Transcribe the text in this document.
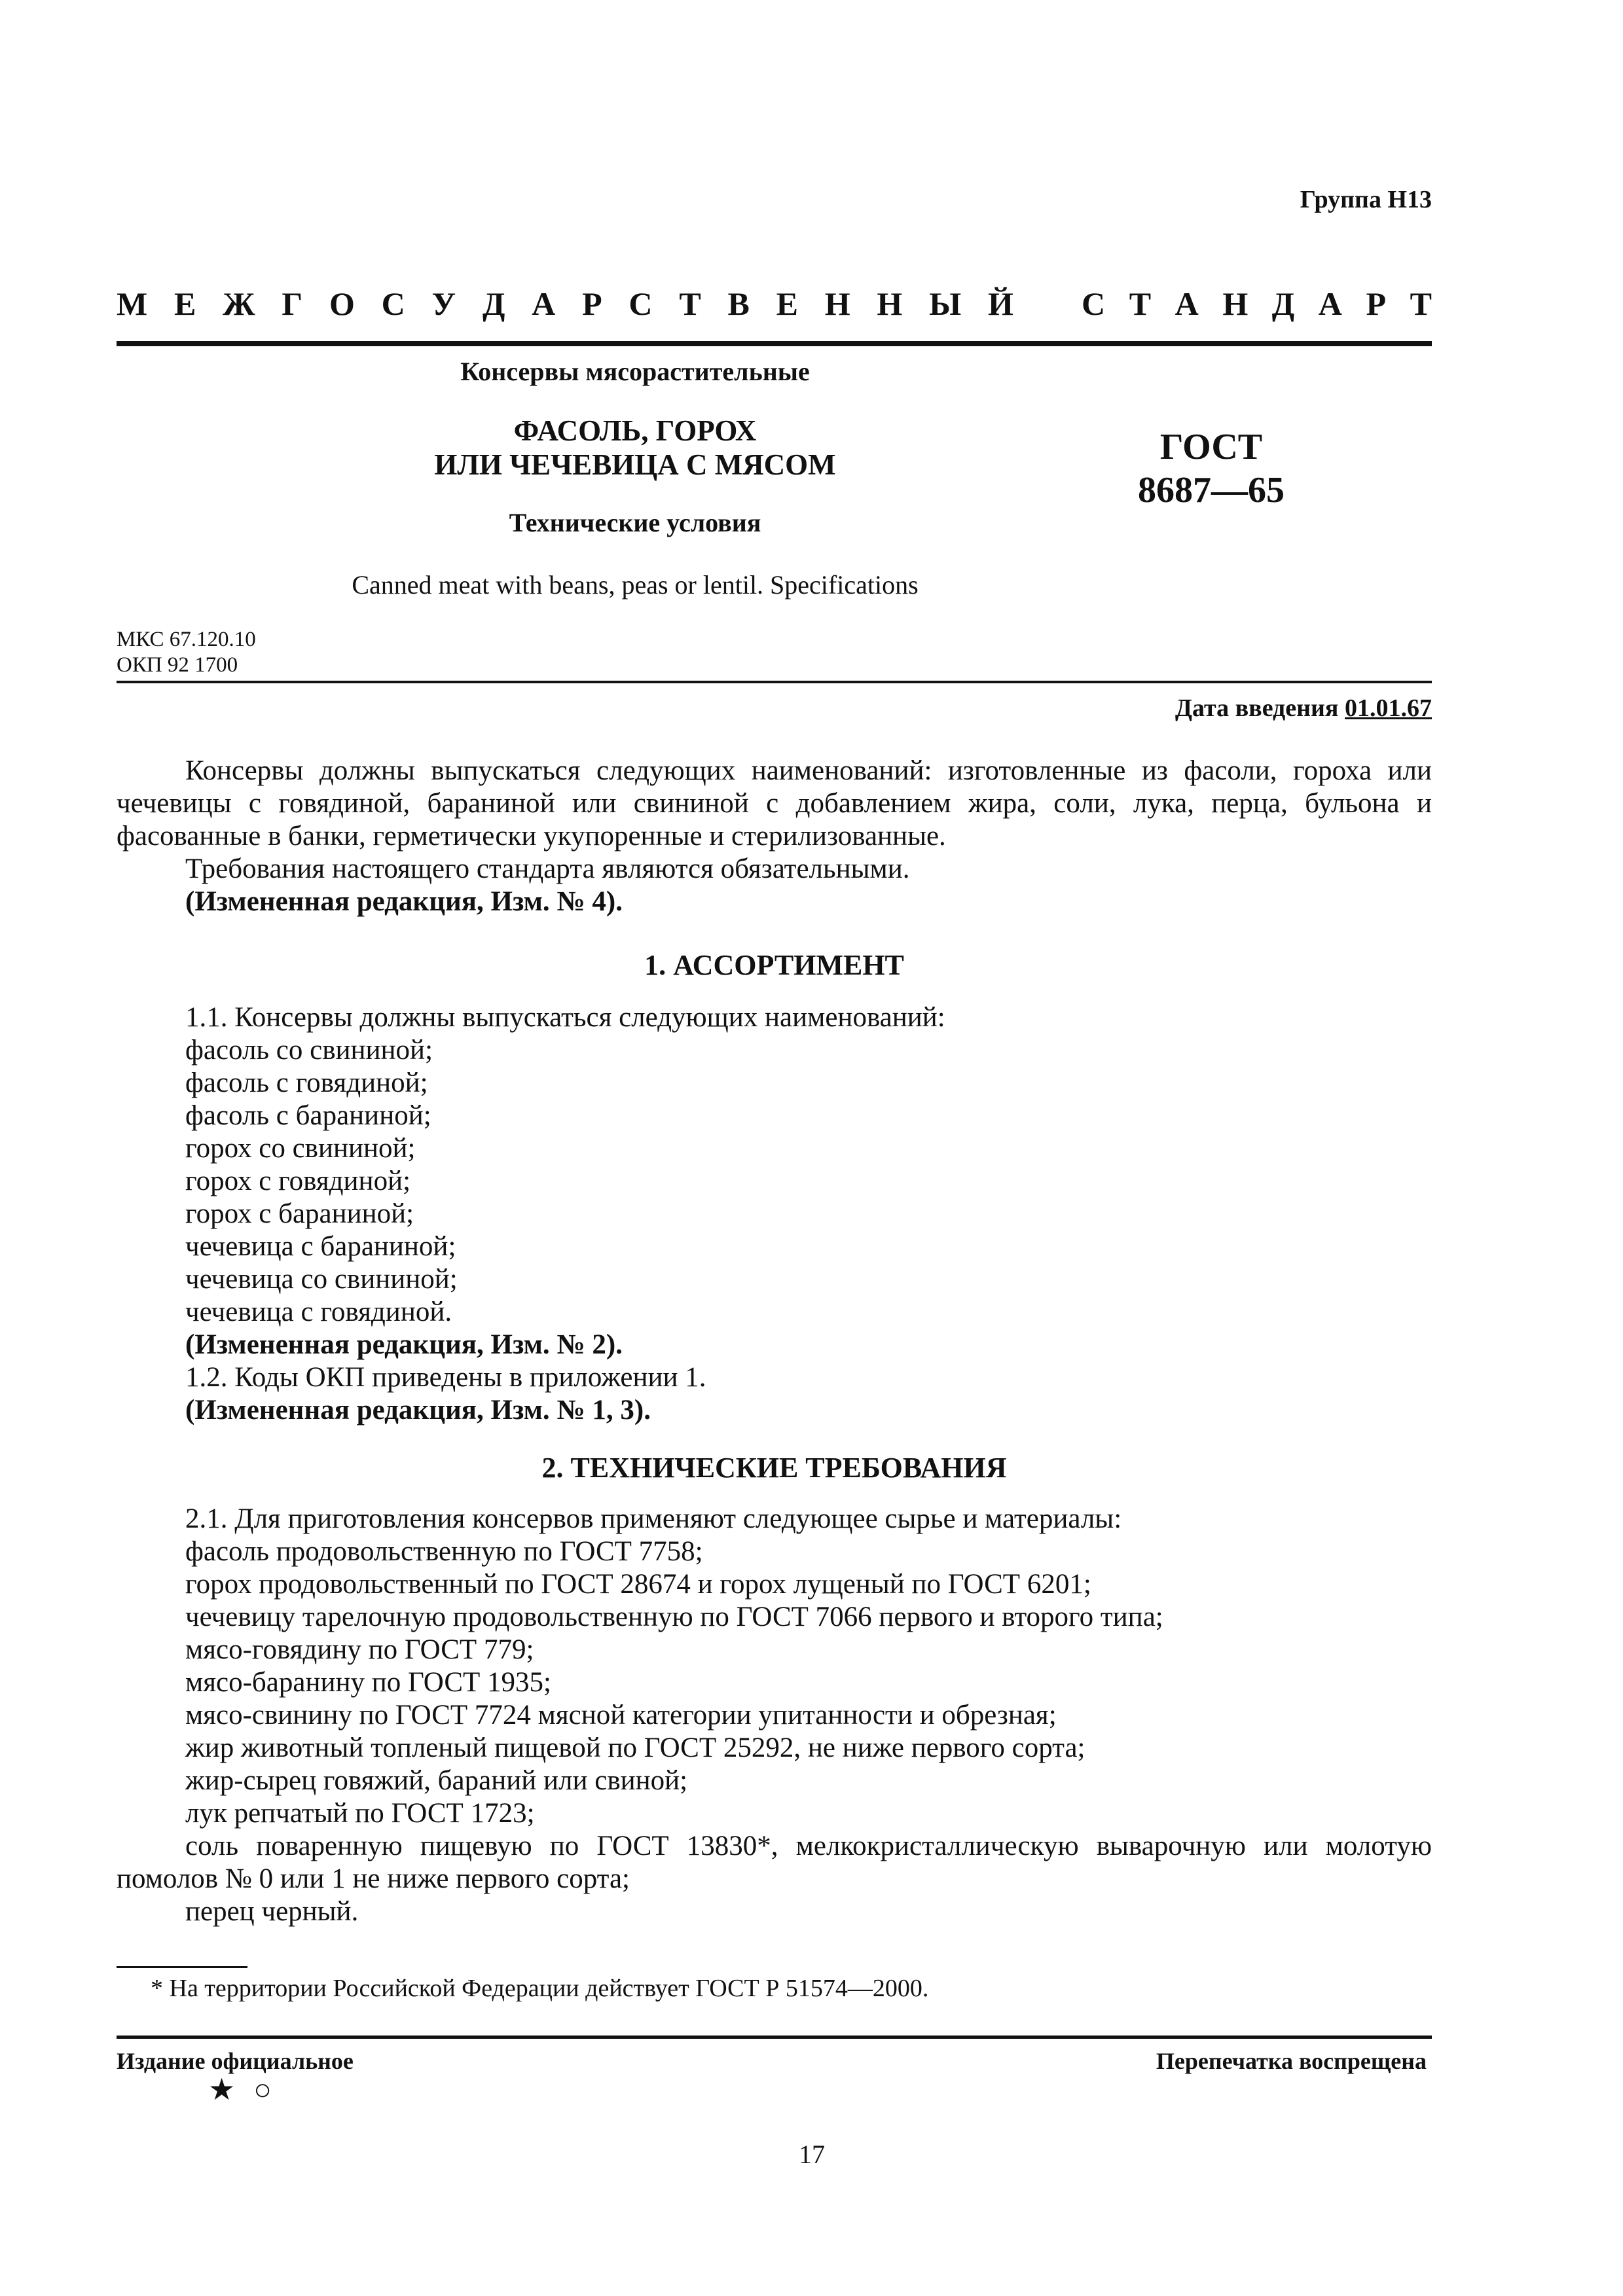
Группа Н13
М Е Ж Г О С У Д А Р С Т В Е Н Н Ы Й С Т А Н Д А Р Т
Консервы мясорастительные
ФАСОЛЬ, ГОРОХ
ИЛИ ЧЕЧЕВИЦА С МЯСОМ
Технические условия
Canned meat with beans, peas or lentil. Specifications
ГОСТ
8687—65
МКС 67.120.10
ОКП 92 1700
Дата введения 01.01.67

Консервы должны выпускаться следующих наименований: изготовленные из фасоли, гороха или чечевицы с говядиной, бараниной или свининой с добавлением жира, соли, лука, перца, бульона и фасованные в банки, герметически укупоренные и стерилизованные.

Требования настоящего стандарта являются обязательными.

(Измененная редакция, Изм. № 4).

1. АССОРТИМЕНТ

1.1. Консервы должны выпускаться следующих наименований:

фасоль со свининой;

фасоль с говядиной;

фасоль с бараниной;

горох со свининой;

горох с говядиной;

горох с бараниной;

чечевица с бараниной;

чечевица со свининой;

чечевица с говядиной.

(Измененная редакция, Изм. № 2).

1.2. Коды ОКП приведены в приложении 1.

(Измененная редакция, Изм. № 1, 3).

2. ТЕХНИЧЕСКИЕ ТРЕБОВАНИЯ

2.1. Для приготовления консервов применяют следующее сырье и материалы:

фасоль продовольственную по ГОСТ 7758;

горох продовольственный по ГОСТ 28674 и горох лущеный по ГОСТ 6201;

чечевицу тарелочную продовольственную по ГОСТ 7066 первого и второго типа;

мясо-говядину по ГОСТ 779;

мясо-баранину по ГОСТ 1935;

мясо-свинину по ГОСТ 7724 мясной категории упитанности и обрезная;

жир животный топленый пищевой по ГОСТ 25292, не ниже первого сорта;

жир-сырец говяжий, бараний или свиной;

лук репчатый по ГОСТ 1723;

соль поваренную пищевую по ГОСТ 13830*, мелкокристаллическую выварочную или молотую помолов № 0 или 1 не ниже первого сорта;

перец черный.

* На территории Российской Федерации действует ГОСТ Р 51574—2000.
Издание официальное	Перепечатка воспрещена
★○
17
